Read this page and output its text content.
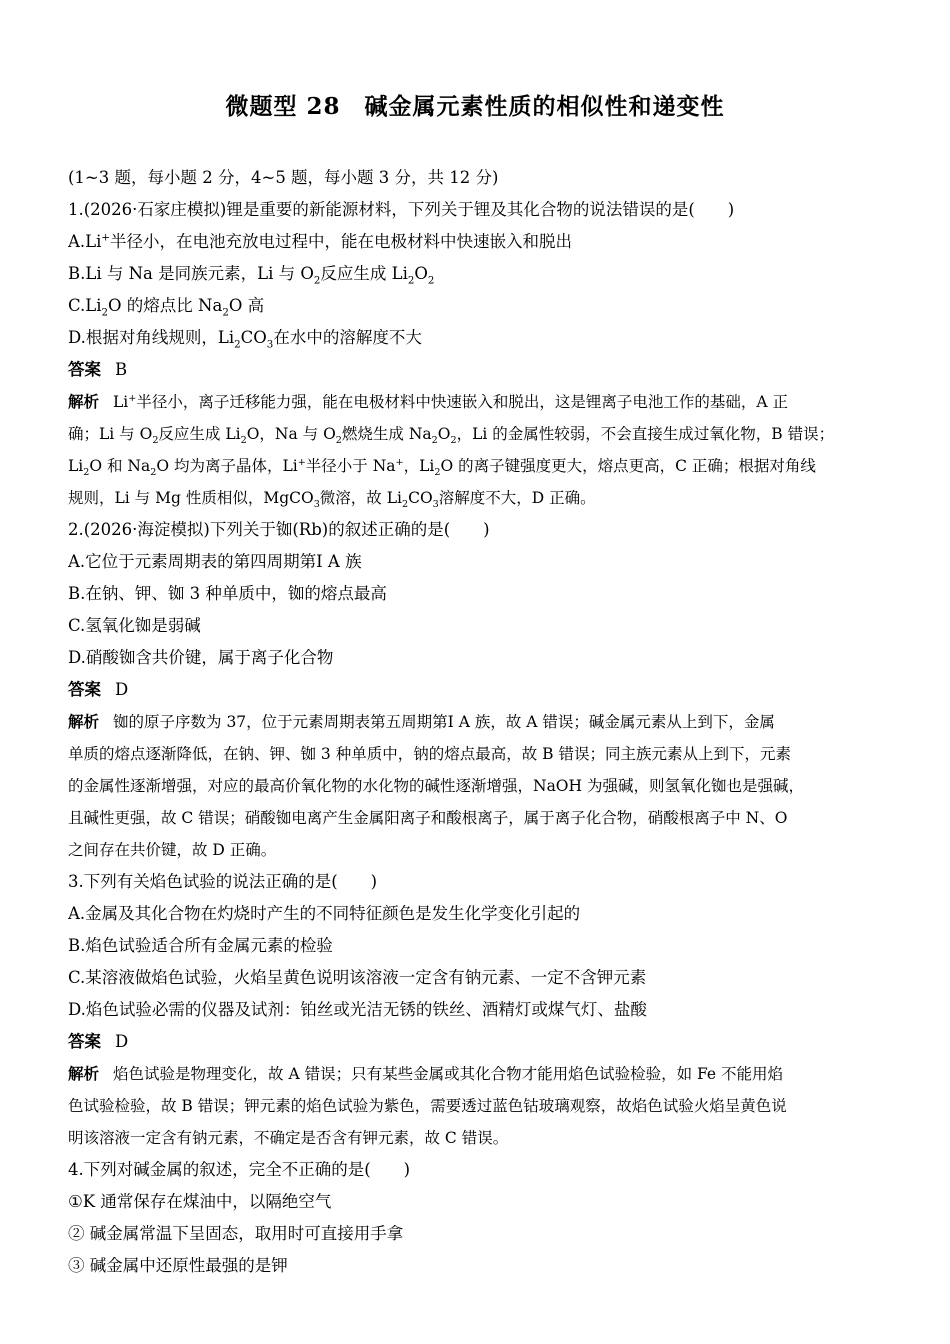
微题型 28　碱金属元素性质的相似性和递变性
(1~3 题，每小题 2 分，4~5 题，每小题 3 分，共 12 分)
1.(2026·石家庄模拟)锂是重要的新能源材料，下列关于锂及其化合物的说法错误的是(　　)
A.Li+半径小，在电池充放电过程中，能在电极材料中快速嵌入和脱出
B.Li 与 Na 是同族元素，Li 与 $O_2$反应生成 $Li_2O_2$
$C.Li_2O$ 的熔点比 $Na_2O$ 高
D.根据对角线规则，$Li_2CO_3$在水中的溶解度不大
答案 B
解析 Li+半径小，离子迁移能力强，能在电极材料中快速嵌入和脱出，这是锂离子电池工作的基础，A 正
确；Li 与 $O_2$反应生成 $Li_2O$，Na 与 $O_2$燃烧生成 $Na_2O_2$，Li 的金属性较弱，不会直接生成过氧化物，B 错误；
$Li_2O$ 和 $Na_2O$ 均为离子晶体，Li+半径小于 Na+，$Li_2O$ 的离子键强度更大，熔点更高，C 正确；根据对角线
规则，Li 与 Mg 性质相似，MgCO$_3$微溶，故 $Li_2CO_3$溶解度不大，D 正确。
2.(2026·海淀模拟)下列关于铷(Rb)的叙述正确的是(　　)
A.它位于元素周期表的第四周期第Ⅰ A 族
B.在钠、钾、铷 3 种单质中，铷的熔点最高
C.氢氧化铷是弱碱
D.硝酸铷含共价键，属于离子化合物
答案 D
解析 铷的原子序数为 37，位于元素周期表第五周期第Ⅰ A 族，故 A 错误；碱金属元素从上到下，金属
单质的熔点逐渐降低，在钠、钾、铷 3 种单质中，钠的熔点最高，故 B 错误；同主族元素从上到下，元素
的金属性逐渐增强，对应的最高价氧化物的水化物的碱性逐渐增强，NaOH 为强碱，则氢氧化铷也是强碱，
且碱性更强，故 C 错误；硝酸铷电离产生金属阳离子和酸根离子，属于离子化合物，硝酸根离子中 N、O
之间存在共价键，故 D 正确。
3.下列有关焰色试验的说法正确的是(　　)
A.金属及其化合物在灼烧时产生的不同特征颜色是发生化学变化引起的
B.焰色试验适合所有金属元素的检验
C.某溶液做焰色试验，火焰呈黄色说明该溶液一定含有钠元素、一定不含钾元素
D.焰色试验必需的仪器及试剂：铂丝或光洁无锈的铁丝、酒精灯或煤气灯、盐酸
答案 D
解析 焰色试验是物理变化，故 A 错误；只有某些金属或其化合物才能用焰色试验检验，如 Fe 不能用焰
色试验检验，故 B 错误；钾元素的焰色试验为紫色，需要透过蓝色钴玻璃观察，故焰色试验火焰呈黄色说
明该溶液一定含有钠元素，不确定是否含有钾元素，故 C 错误。
4.下列对碱金属的叙述，完全不正确的是(　　)
①K 通常保存在煤油中，以隔绝空气
② 碱金属常温下呈固态，取用时可直接用手拿
③ 碱金属中还原性最强的是钾
